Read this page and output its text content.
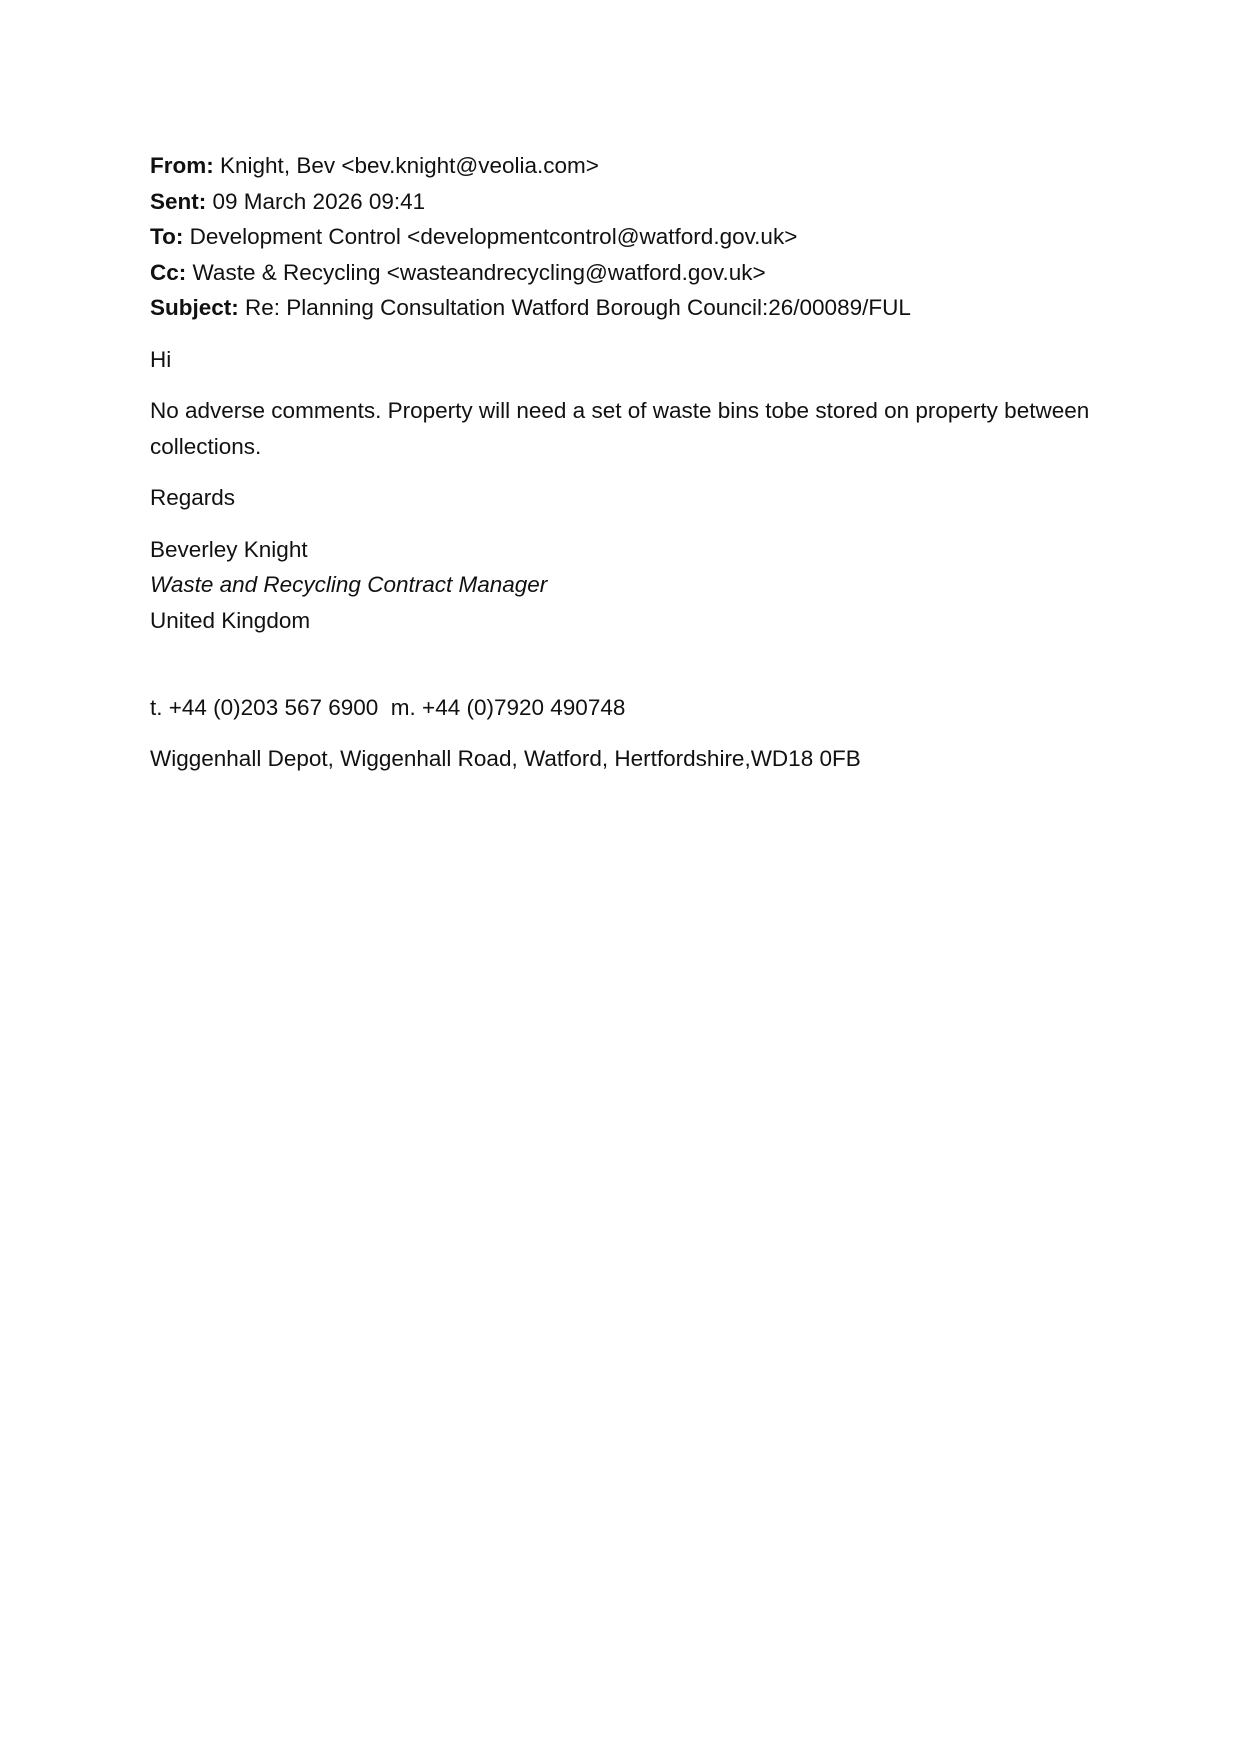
From: Knight, Bev <bev.knight@veolia.com>
Sent: 09 March 2026 09:41
To: Development Control <developmentcontrol@watford.gov.uk>
Cc: Waste & Recycling <wasteandrecycling@watford.gov.uk>
Subject: Re: Planning Consultation Watford Borough Council:26/00089/FUL
Hi
No adverse comments. Property will need a set of waste bins tobe stored on property between collections.
Regards
Beverley Knight
Waste and Recycling Contract Manager
United Kingdom
t. +44 (0)203 567 6900  m. +44 (0)7920 490748
Wiggenhall Depot, Wiggenhall Road, Watford, Hertfordshire,WD18 0FB
